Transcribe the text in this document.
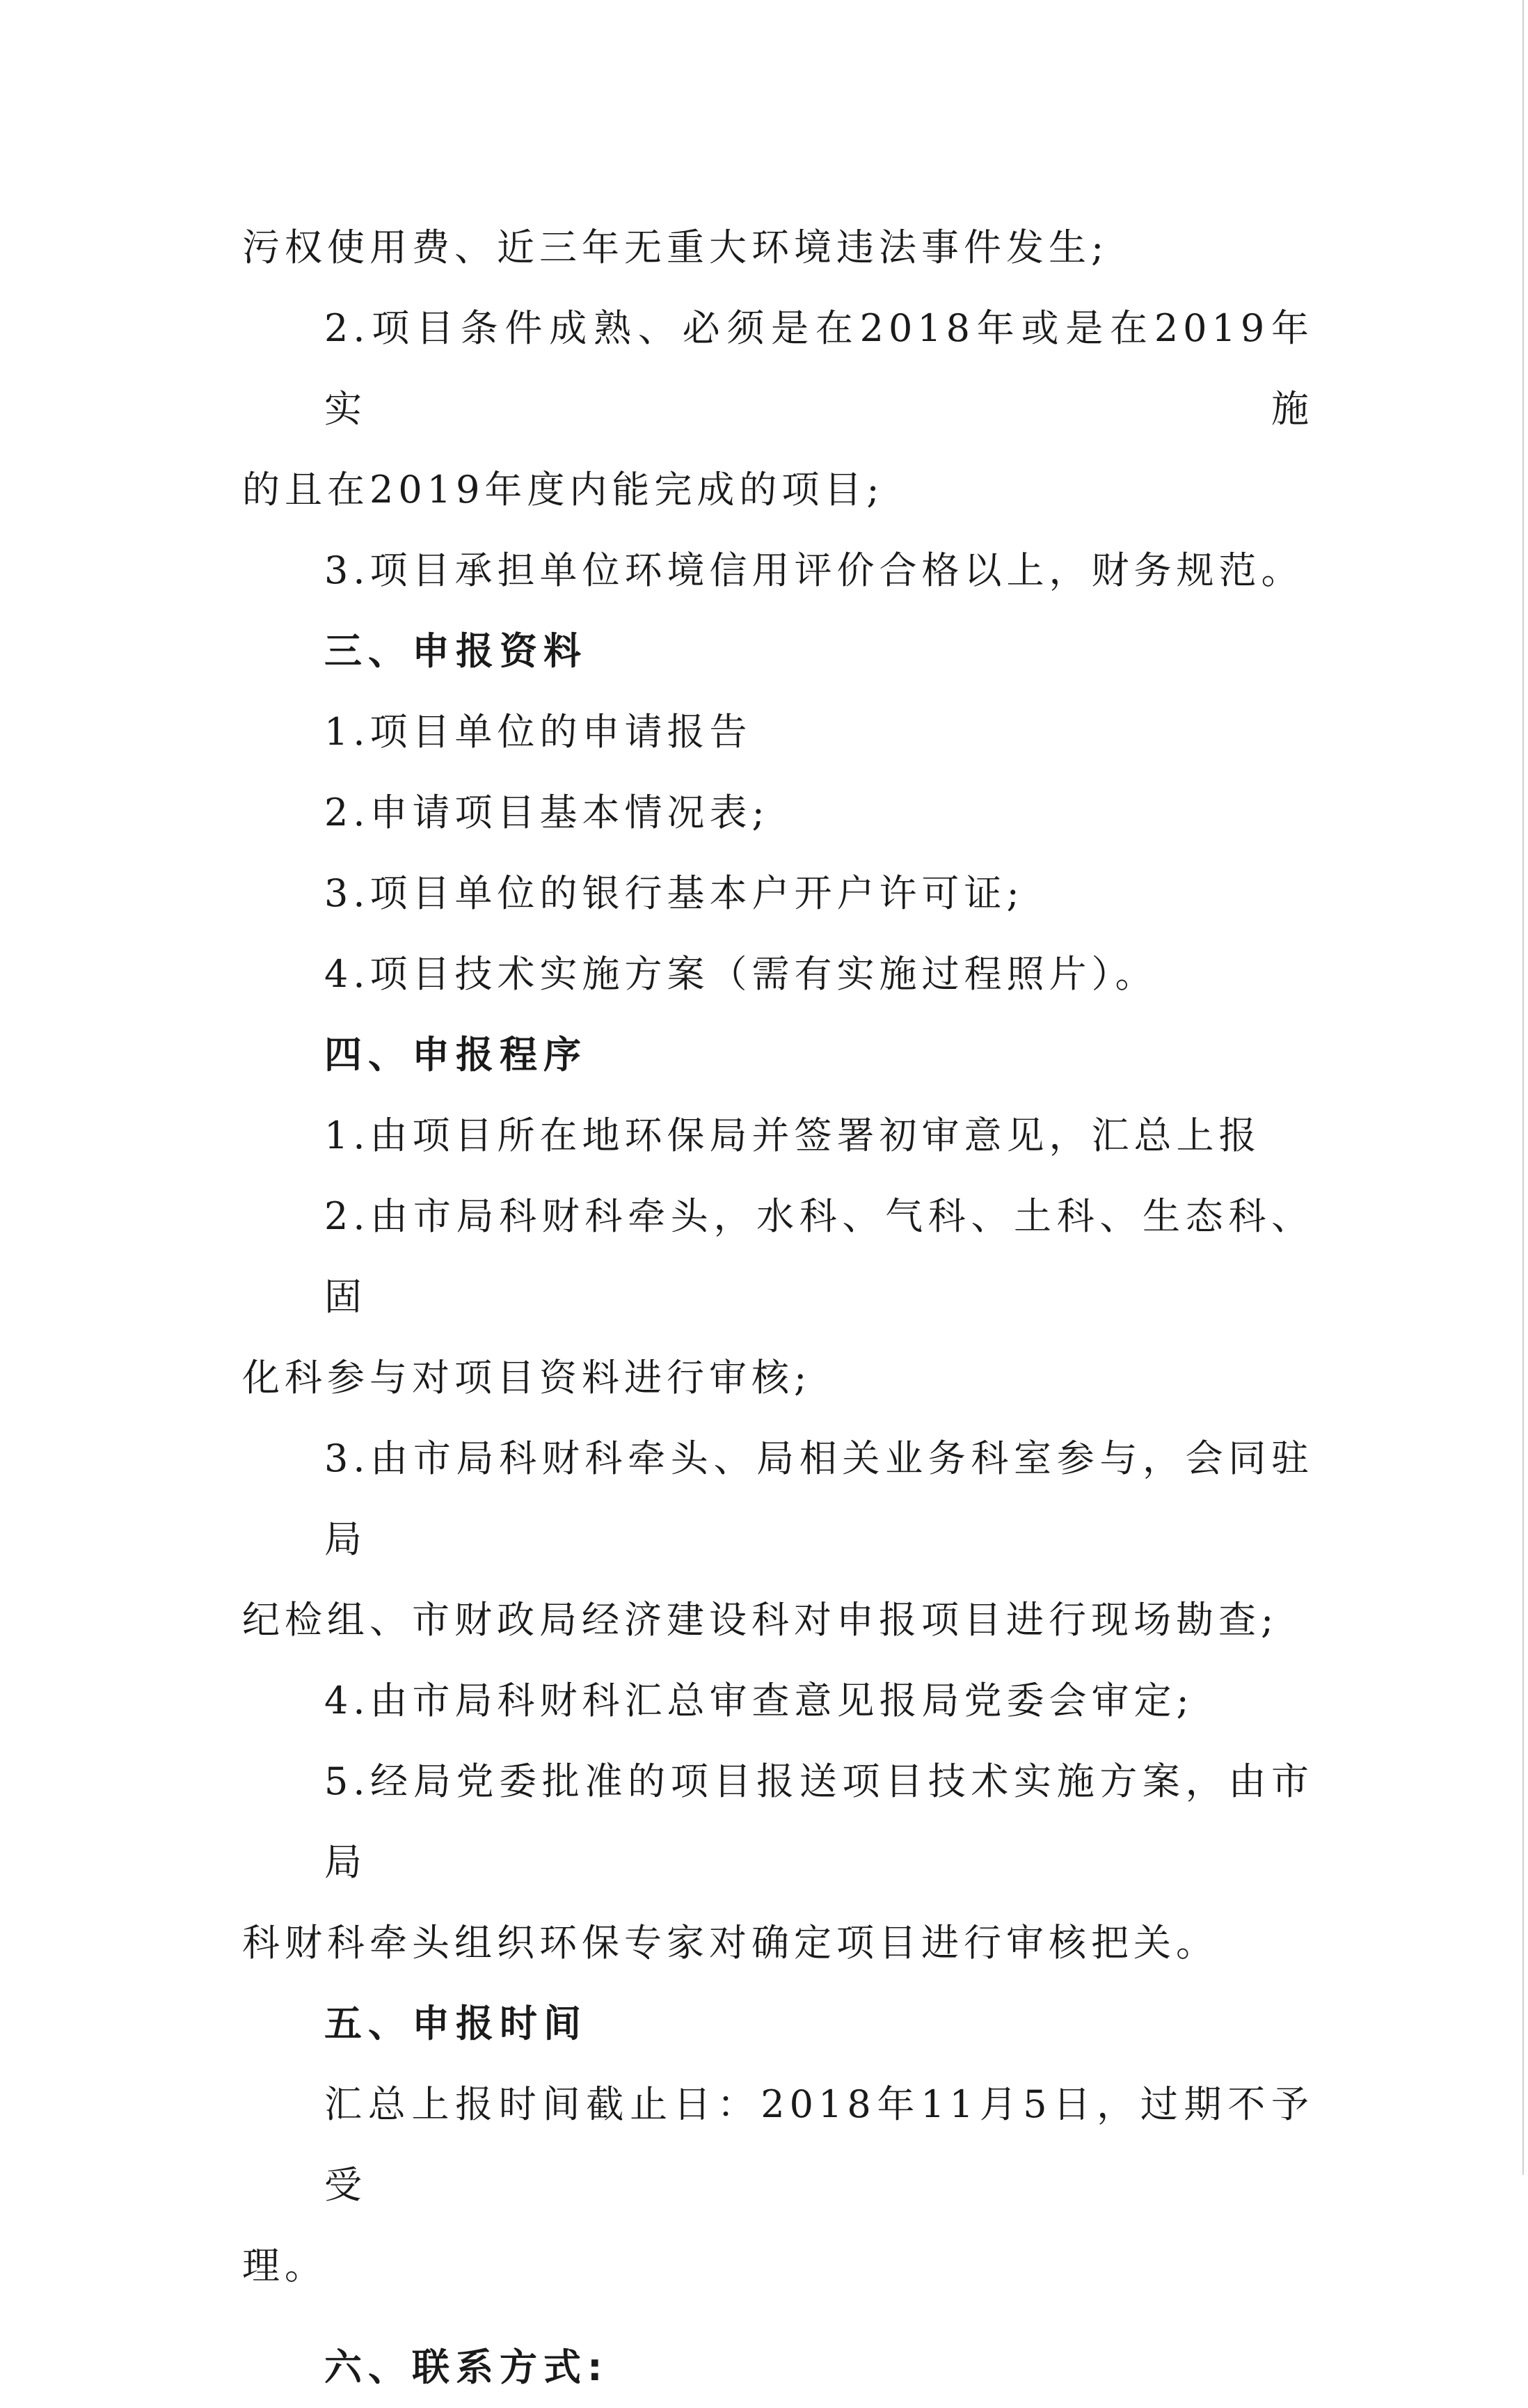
污权使用费、近三年无重大环境违法事件发生;
2.项目条件成熟、必须是在2018年或是在2019年实施
的且在2019年度内能完成的项目;
3.项目承担单位环境信用评价合格以上，财务规范。
三、申报资料
1.项目单位的申请报告
2.申请项目基本情况表;
3.项目单位的银行基本户开户许可证;
4.项目技术实施方案（需有实施过程照片）。
四、申报程序
1.由项目所在地环保局并签署初审意见，汇总上报
2.由市局科财科牵头，水科、气科、土科、生态科、固
化科参与对项目资料进行审核;
3.由市局科财科牵头、局相关业务科室参与，会同驻局
纪检组、市财政局经济建设科对申报项目进行现场勘查;
4.由市局科财科汇总审查意见报局党委会审定;
5.经局党委批准的项目报送项目技术实施方案，由市局
科财科牵头组织环保专家对确定项目进行审核把关。
五、申报时间
汇总上报时间截止日：2018年11月5日，过期不予受
理。
六、联系方式:
